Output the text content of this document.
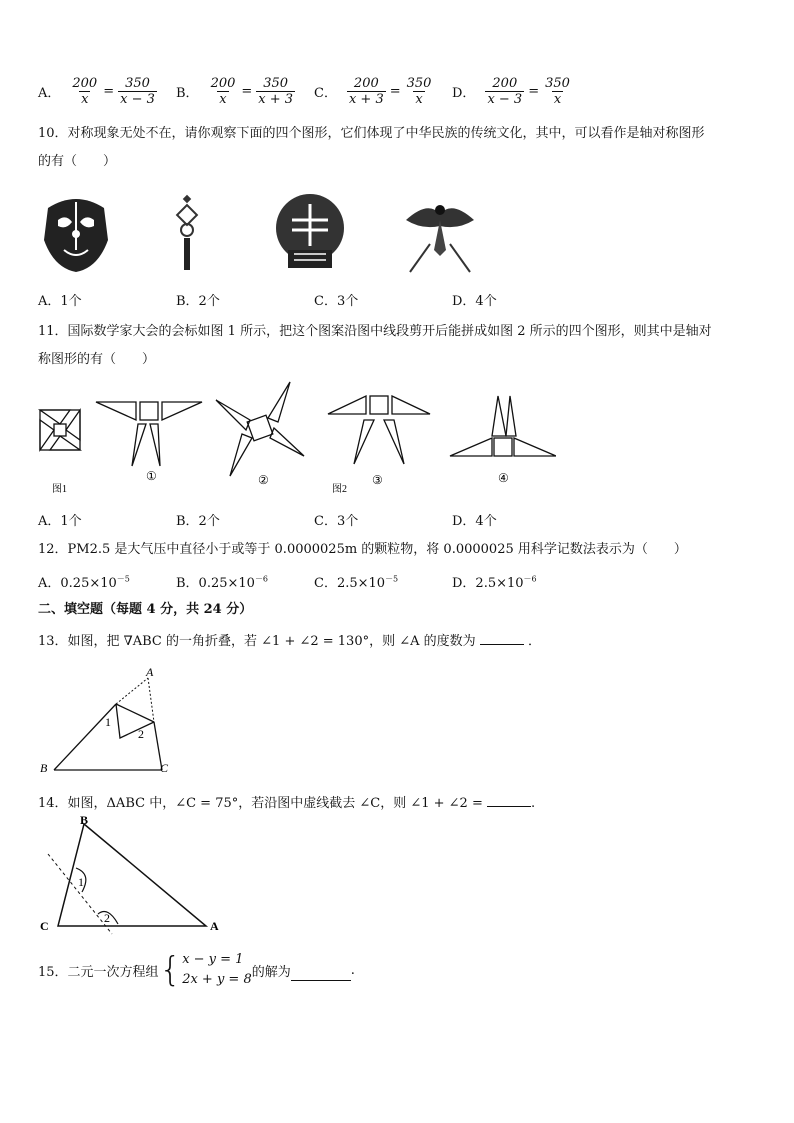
A． $\frac{200}{x} = \frac{350}{x - 3}$ B． $\frac{200}{x} = \frac{350}{x + 3}$ C． $\frac{200}{x + 3} = \frac{350}{x}$ D． $\frac{200}{x - 3} = \frac{350}{x}$
10．对称现象无处不在，请你观察下面的四个图形，它们体现了中华民族的传统文化，其中，可以看作是轴对称图形
的有（　　）
A．1个	B．2个	C．3个	D．4个
11．国际数学家大会的会标如图 1 所示，把这个图案沿图中线段剪开后能拼成如图 2 所示的四个图形，则其中是轴对
称图形的有（　　）
图1
①	②
图2
③	④
A．1个	B．2个	C．3个	D．4个
12．PM2.5 是大气压中直径小于或等于 0.0000025m 的颗粒物，将 0.0000025 用科学记数法表示为（　　）
A．$0.25\times 10^{-5}$	B．$0.25\times 10^{-6}$	C．$2.5\times 10^{-5}$	D．$2.5\times 10^{-6}$
二、填空题（每题 4 分，共 24 分）
13．如图，把 ∇ABC 的一角折叠，若 ∠1 + ∠2 = 130°，则 ∠A 的度数为	．
A
B	C
1
2
14．如图，ΔABC 中，∠C = 75°，若沿图中虚线截去 ∠C，则 ∠1 + ∠2 =	.
B
C	A
1
2
15．二元一次方程组 { x − y = 1
2x + y = 8 的解为	.
